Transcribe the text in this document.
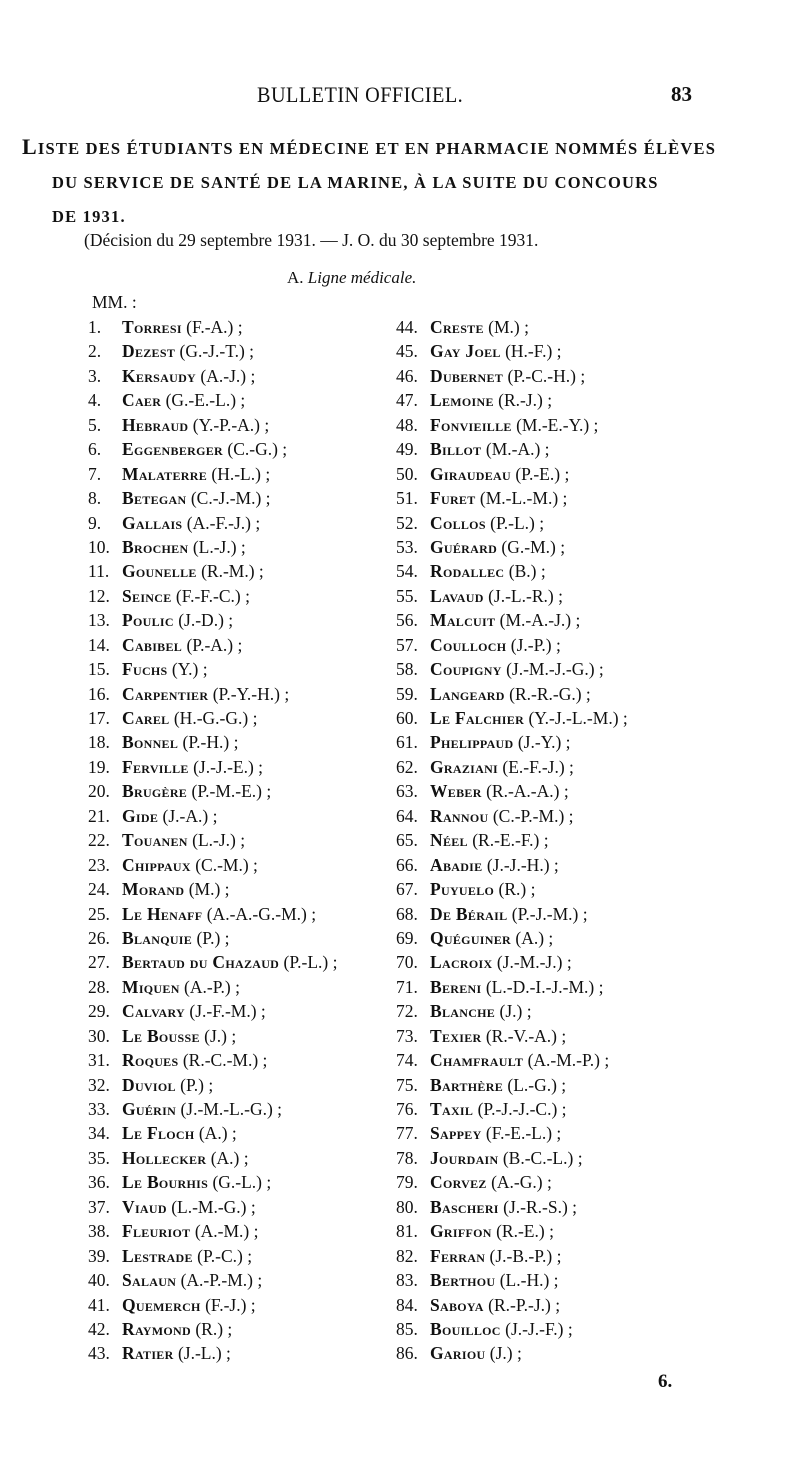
BULLETIN OFFICIEL.	83
LISTE DES ÉTUDIANTS EN MÉDECINE ET EN PHARMACIE NOMMÉS ÉLÈVES
DU SERVICE DE SANTÉ DE LA MARINE, À LA SUITE DU CONCOURS
DE 1931.
(Décision du 29 septembre 1931. — J. O. du 30 septembre 1931.
A. Ligne médicale.
MM. :
1. Torresi (F.-A.) ;
2. Dezest (G.-J.-T.) ;
3. Kersaudy (A.-J.) ;
4. Caer (G.-E.-L.) ;
5. Hebraud (Y.-P.-A.) ;
6. Eggenberger (C.-G.) ;
7. Malaterre (H.-L.) ;
8. Betegan (C.-J.-M.) ;
9. Gallais (A.-F.-J.) ;
10. Brochen (L.-J.) ;
11. Gounelle (R.-M.) ;
12. Seince (F.-F.-C.) ;
13. Poulic (J.-D.) ;
14. Cabibel (P.-A.) ;
15. Fuchs (Y.) ;
16. Carpentier (P.-Y.-H.) ;
17. Carel (H.-G.-G.) ;
18. Bonnel (P.-H.) ;
19. Ferville (J.-J.-E.) ;
20. Brugère (P.-M.-E.) ;
21. Gide (J.-A.) ;
22. Touanen (L.-J.) ;
23. Chippaux (C.-M.) ;
24. Morand (M.) ;
25. Le Henaff (A.-A.-G.-M.) ;
26. Blanquie (P.) ;
27. Bertaud du Chazaud (P.-L.) ;
28. Miquen (A.-P.) ;
29. Calvary (J.-F.-M.) ;
30. Le Bousse (J.) ;
31. Roques (R.-C.-M.) ;
32. Duviol (P.) ;
33. Guérin (J.-M.-L.-G.) ;
34. Le Floch (A.) ;
35. Hollecker (A.) ;
36. Le Bourhis (G.-L.) ;
37. Viaud (L.-M.-G.) ;
38. Fleuriot (A.-M.) ;
39. Lestrade (P.-C.) ;
40. Salaun (A.-P.-M.) ;
41. Quemerch (F.-J.) ;
42. Raymond (R.) ;
43. Ratier (J.-L.) ;
44. Creste (M.) ;
45. Gay Joel (H.-F.) ;
46. Dubernet (P.-C.-H.) ;
47. Lemoine (R.-J.) ;
48. Fonvieille (M.-E.-Y.) ;
49. Billot (M.-A.) ;
50. Giraudeau (P.-E.) ;
51. Furet (M.-L.-M.) ;
52. Collos (P.-L.) ;
53. Guérard (G.-M.) ;
54. Rodallec (B.) ;
55. Lavaud (J.-L.-R.) ;
56. Malcuit (M.-A.-J.) ;
57. Coulloch (J.-P.) ;
58. Coupigny (J.-M.-J.-G.) ;
59. Langeard (R.-R.-G.) ;
60. Le Falchier (Y.-J.-L.-M.) ;
61. Phelippaud (J.-Y.) ;
62. Graziani (E.-F.-J.) ;
63. Weber (R.-A.-A.) ;
64. Rannou (C.-P.-M.) ;
65. Néel (R.-E.-F.) ;
66. Abadie (J.-J.-H.) ;
67. Puyuelo (R.) ;
68. De Bérail (P.-J.-M.) ;
69. Quéguiner (A.) ;
70. Lacroix (J.-M.-J.) ;
71. Bereni (L.-D.-I.-J.-M.) ;
72. Blanche (J.) ;
73. Texier (R.-V.-A.) ;
74. Chamfrault (A.-M.-P.) ;
75. Barthère (L.-G.) ;
76. Taxil (P.-J.-J.-C.) ;
77. Sappey (F.-E.-L.) ;
78. Jourdain (B.-C.-L.) ;
79. Corvez (A.-G.) ;
80. Bascheri (J.-R.-S.) ;
81. Griffon (R.-E.) ;
82. Ferran (J.-B.-P.) ;
83. Berthou (L.-H.) ;
84. Saboya (R.-P.-J.) ;
85. Bouilloc (J.-J.-F.) ;
86. Gariou (J.) ;
6.
